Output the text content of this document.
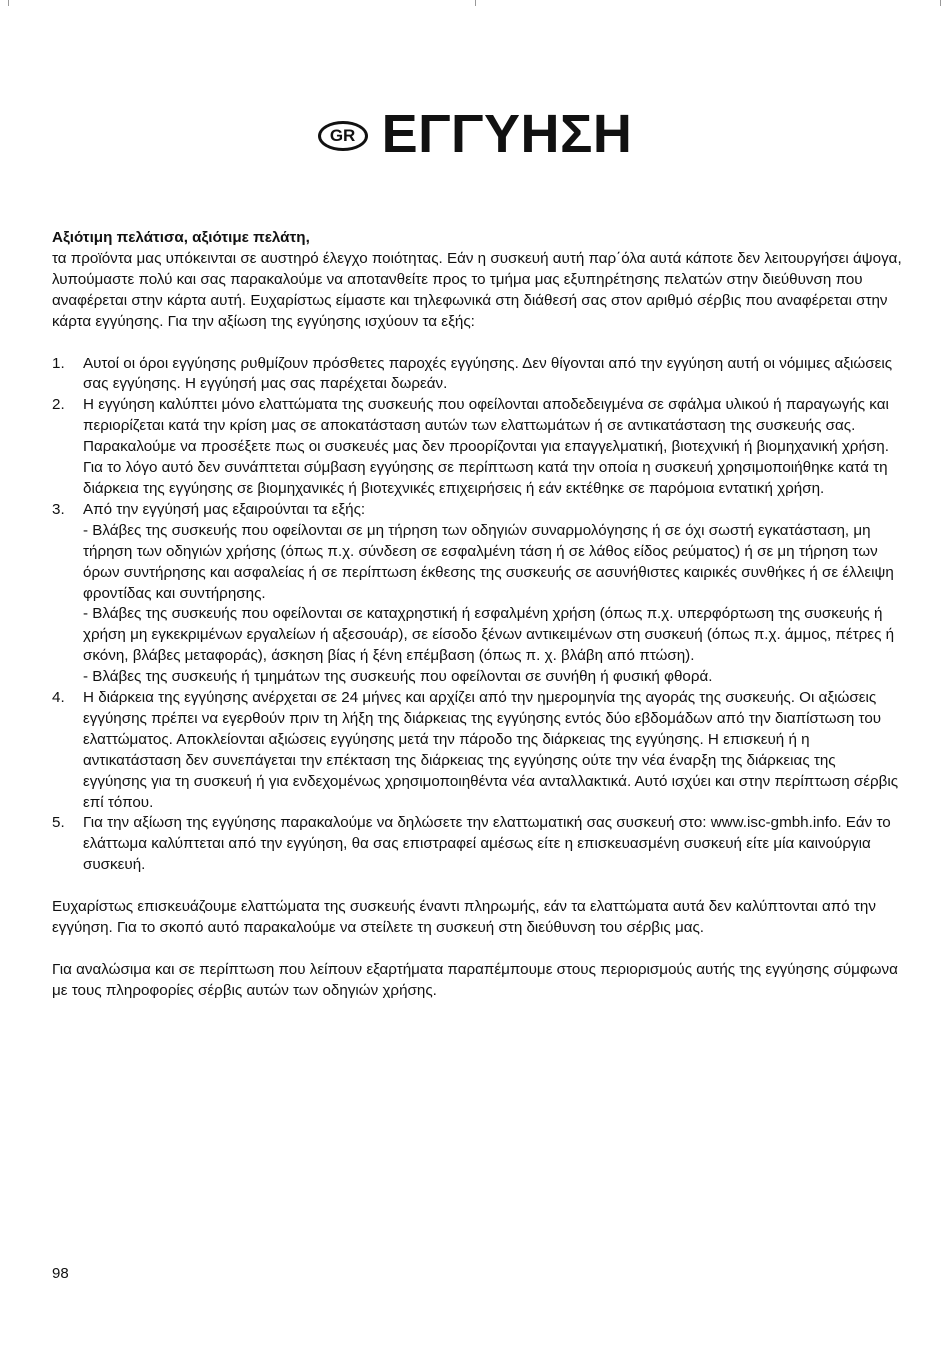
GR ΕΓΓΥΗΣΗ

Αξιότιμη πελάτισα, αξιότιμε πελάτη,

τα προϊόντα μας υπόκεινται σε αυστηρό έλεγχο ποιότητας. Εάν η συσκευή αυτή παρ΄όλα αυτά κάποτε δεν λειτουργήσει άψογα, λυπούμαστε πολύ και σας παρακαλούμε να αποτανθείτε προς το τμήμα μας εξυπηρέτησης πελατών στην διεύθυνση που αναφέρεται στην κάρτα αυτή. Ευχαρίστως είμαστε και τηλεφωνικά στη διάθεσή σας στον αριθμό σέρβις που αναφέρεται στην κάρτα εγγύησης. Για την αξίωση της εγγύησης ισχύουν τα εξής:

1.	Αυτοί οι όροι εγγύησης ρυθμίζουν πρόσθετες παροχές εγγύησης. Δεν θίγονται από την εγγύηση αυτή οι νόμιμες αξιώσεις σας εγγύησης. Η εγγύησή μας σας παρέχεται δωρεάν.

2.	Η εγγύηση καλύπτει μόνο ελαττώματα της συσκευής που οφείλονται αποδεδειγμένα σε σφάλμα υλικού ή παραγωγής και περιορίζεται κατά την κρίση μας σε αποκατάσταση αυτών των ελαττωμάτων ή σε αντικατάσταση της συσκευής σας.

Παρακαλούμε να προσέξετε πως οι συσκευές μας δεν προορίζονται για επαγγελματική, βιοτεχνική ή βιομηχανική χρήση. Για το λόγο αυτό δεν συνάπτεται σύμβαση εγγύησης σε περίπτωση κατά την οποία η συσκευή χρησιμοποιήθηκε κατά τη διάρκεια της εγγύησης σε βιομηχανικές ή βιοτεχνικές επιχειρήσεις ή εάν εκτέθηκε σε παρόμοια εντατική χρήση.

3.	Από την εγγύησή μας εξαιρούνται τα εξής:

- Βλάβες της συσκευής που οφείλονται σε μη τήρηση των οδηγιών συναρμολόγησης ή σε όχι σωστή εγκατάσταση, μη τήρηση των οδηγιών χρήσης (όπως π.χ. σύνδεση σε εσφαλμένη τάση ή σε λάθος είδος ρεύματος) ή σε μη τήρηση των όρων συντήρησης και ασφαλείας ή σε περίπτωση έκθεσης της συσκευής σε ασυνήθιστες καιρικές συνθήκες ή σε έλλειψη φροντίδας και συντήρησης.

- Βλάβες της συσκευής που οφείλονται σε καταχρηστική ή εσφαλμένη χρήση (όπως π.χ. υπερφόρτωση της συσκευής ή χρήση μη εγκεκριμένων εργαλείων ή αξεσουάρ), σε είσοδο ξένων αντικειμένων στη συσκευή (όπως π.χ. άμμος, πέτρες ή σκόνη, βλάβες μεταφοράς), άσκηση βίας ή ξένη επέμβαση (όπως π. χ. βλάβη από πτώση).

- Βλάβες της συσκευής ή τμημάτων της συσκευής που οφείλονται σε συνήθη ή φυσική φθορά.

4.	Η διάρκεια της εγγύησης ανέρχεται σε 24 μήνες και αρχίζει από την ημερομηνία της αγοράς της συσκευής. Οι αξιώσεις εγγύησης πρέπει να εγερθούν πριν τη λήξη της διάρκειας της εγγύησης εντός δύο εβδομάδων από την διαπίστωση του ελαττώματος. Αποκλείονται αξιώσεις εγγύησης μετά την πάροδο της διάρκειας της εγγύησης. Η επισκευή ή η αντικατάσταση δεν συνεπάγεται την επέκταση της διάρκειας της εγγύησης ούτε την νέα έναρξη της διάρκειας της εγγύησης για τη συσκευή ή για ενδεχομένως χρησιμοποιηθέντα νέα ανταλλακτικά. Αυτό ισχύει και στην περίπτωση σέρβις επί τόπου.

5.	Για την αξίωση της εγγύησης παρακαλούμε να δηλώσετε την ελαττωματική σας συσκευή στο: www.isc-gmbh.info. Εάν το ελάττωμα καλύπτεται από την εγγύηση, θα σας επιστραφεί αμέσως είτε η επισκευασμένη συσκευή είτε μία καινούργια συσκευή.

Ευχαρίστως επισκευάζουμε ελαττώματα της συσκευής έναντι πληρωμής, εάν τα ελαττώματα αυτά δεν καλύπτονται από την εγγύηση. Για το σκοπό αυτό παρακαλούμε να στείλετε τη συσκευή στη διεύθυνση του σέρβις μας.

Για αναλώσιμα και σε περίπτωση που λείπουν εξαρτήματα παραπέμπουμε στους περιορισμούς αυτής της εγγύησης σύμφωνα με τους πληροφορίες σέρβις αυτών των οδηγιών χρήσης.

98
